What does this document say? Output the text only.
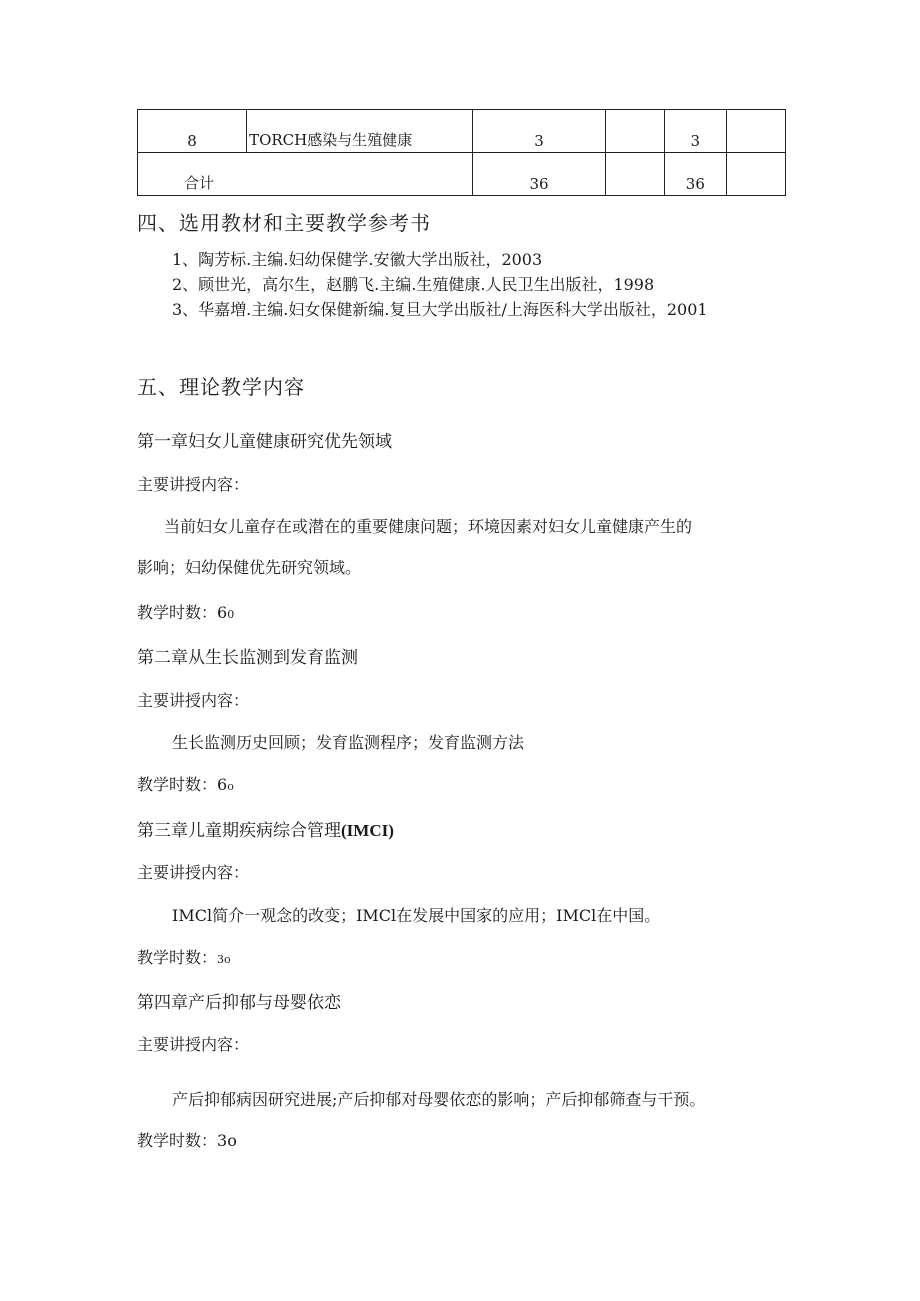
8	TORCH感染与生殖健康	3		3	

合计		36		36	

四、选用教材和主要教学参考书
1、陶芳标.主编.妇幼保健学.安徽大学出版社，2003
2、顾世光，高尔生，赵鹏飞.主编.生殖健康.人民卫生出版社，1998
3、华嘉増.主编.妇女保健新编.复旦大学出版社/上海医科大学出版社，2001
五、理论教学内容
第一章妇女儿童健康研究优先领域
主要讲授内容：
当前妇女儿童存在或潜在的重要健康问题；环境因素对妇女儿童健康产生的
影响；妇幼保健优先研究领域。
教学时数：60
第二章从生长监测到发育监测
主要讲授内容：
生长监测历史回顾；发育监测程序；发育监测方法
教学时数：6o
第三章儿童期疾病综合管理(IMCI)
主要讲授内容：
IMCl简介一观念的改变；IMCl在发展中国家的应用；IMCl在中国。
教学时数：3o
第四章产后抑郁与母婴依恋
主要讲授内容：
产后抑郁病因研究进展;产后抑郁对母婴依恋的影响；产后抑郁筛查与干预。
教学时数：3o
